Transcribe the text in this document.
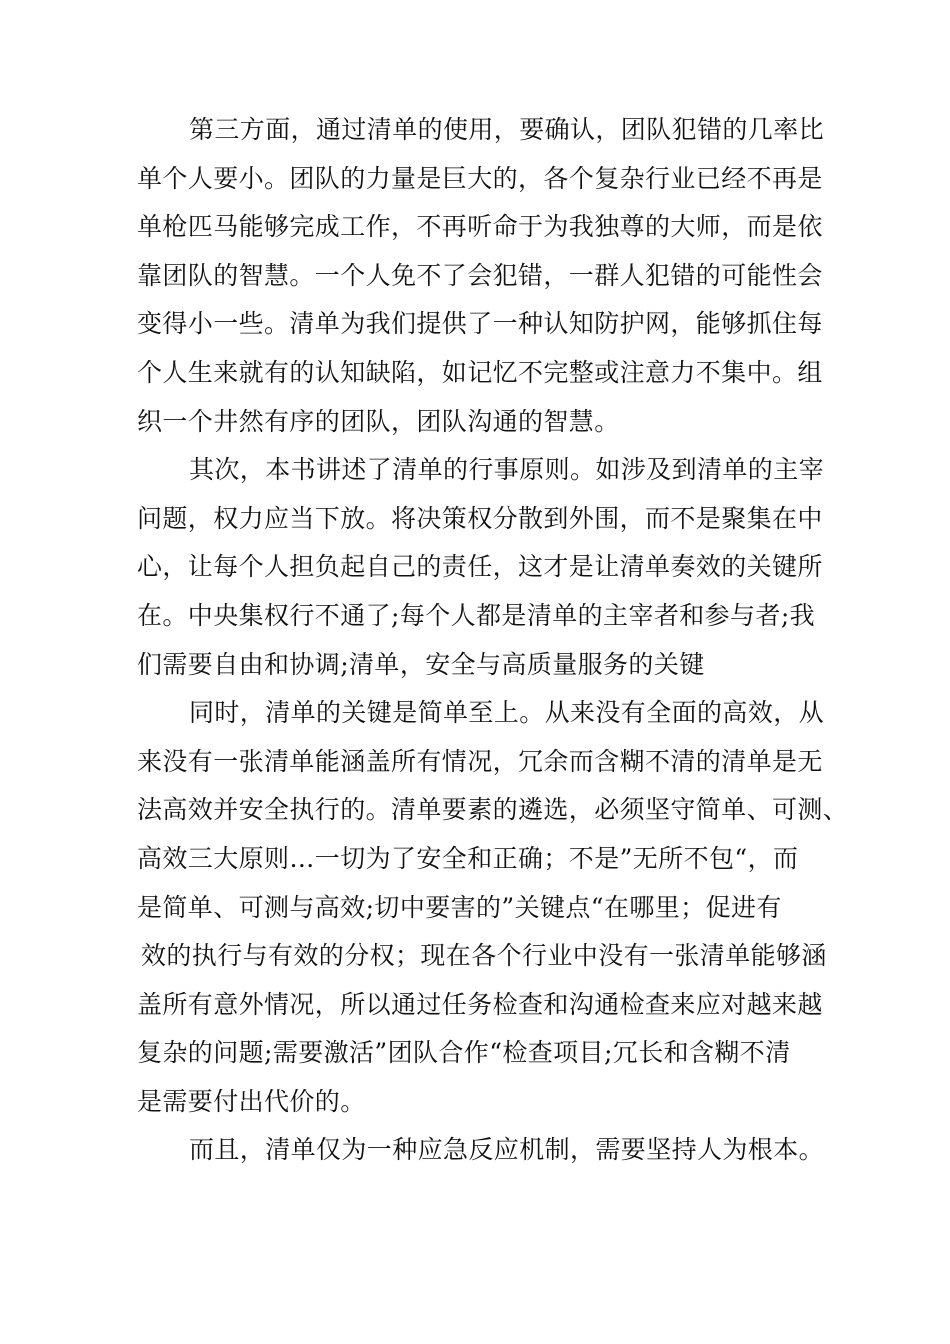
第三方面，通过清单的使用，要确认，团队犯错的几率比
单个人要小。团队的力量是巨大的，各个复杂行业已经不再是
单枪匹马能够完成工作，不再听命于为我独尊的大师，而是依
靠团队的智慧。一个人免不了会犯错，一群人犯错的可能性会
变得小一些。清单为我们提供了一种认知防护网，能够抓住每
个人生来就有的认知缺陷，如记忆不完整或注意力不集中。组
织一个井然有序的团队，团队沟通的智慧。
其次，本书讲述了清单的行事原则。如涉及到清单的主宰
问题，权力应当下放。将决策权分散到外围，而不是聚集在中
心，让每个人担负起自己的责任，这才是让清单奏效的关键所
在。中央集权行不通了;每个人都是清单的主宰者和参与者;我
们需要自由和协调;清单，安全与高质量服务的关键
同时，清单的关键是简单至上。从来没有全面的高效，从
来没有一张清单能涵盖所有情况，冗余而含糊不清的清单是无
法高效并安全执行的。清单要素的遴选，必须坚守简单、可测、
高效三大原则…一切为了安全和正确；不是”无所不包“，而
是简单、可测与高效;切中要害的”关键点“在哪里；促进有
效的执行与有效的分权；现在各个行业中没有一张清单能够涵
盖所有意外情况，所以通过任务检查和沟通检查来应对越来越
复杂的问题;需要激活”团队合作“检查项目;冗长和含糊不清
是需要付出代价的。
而且，清单仅为一种应急反应机制，需要坚持人为根本。
